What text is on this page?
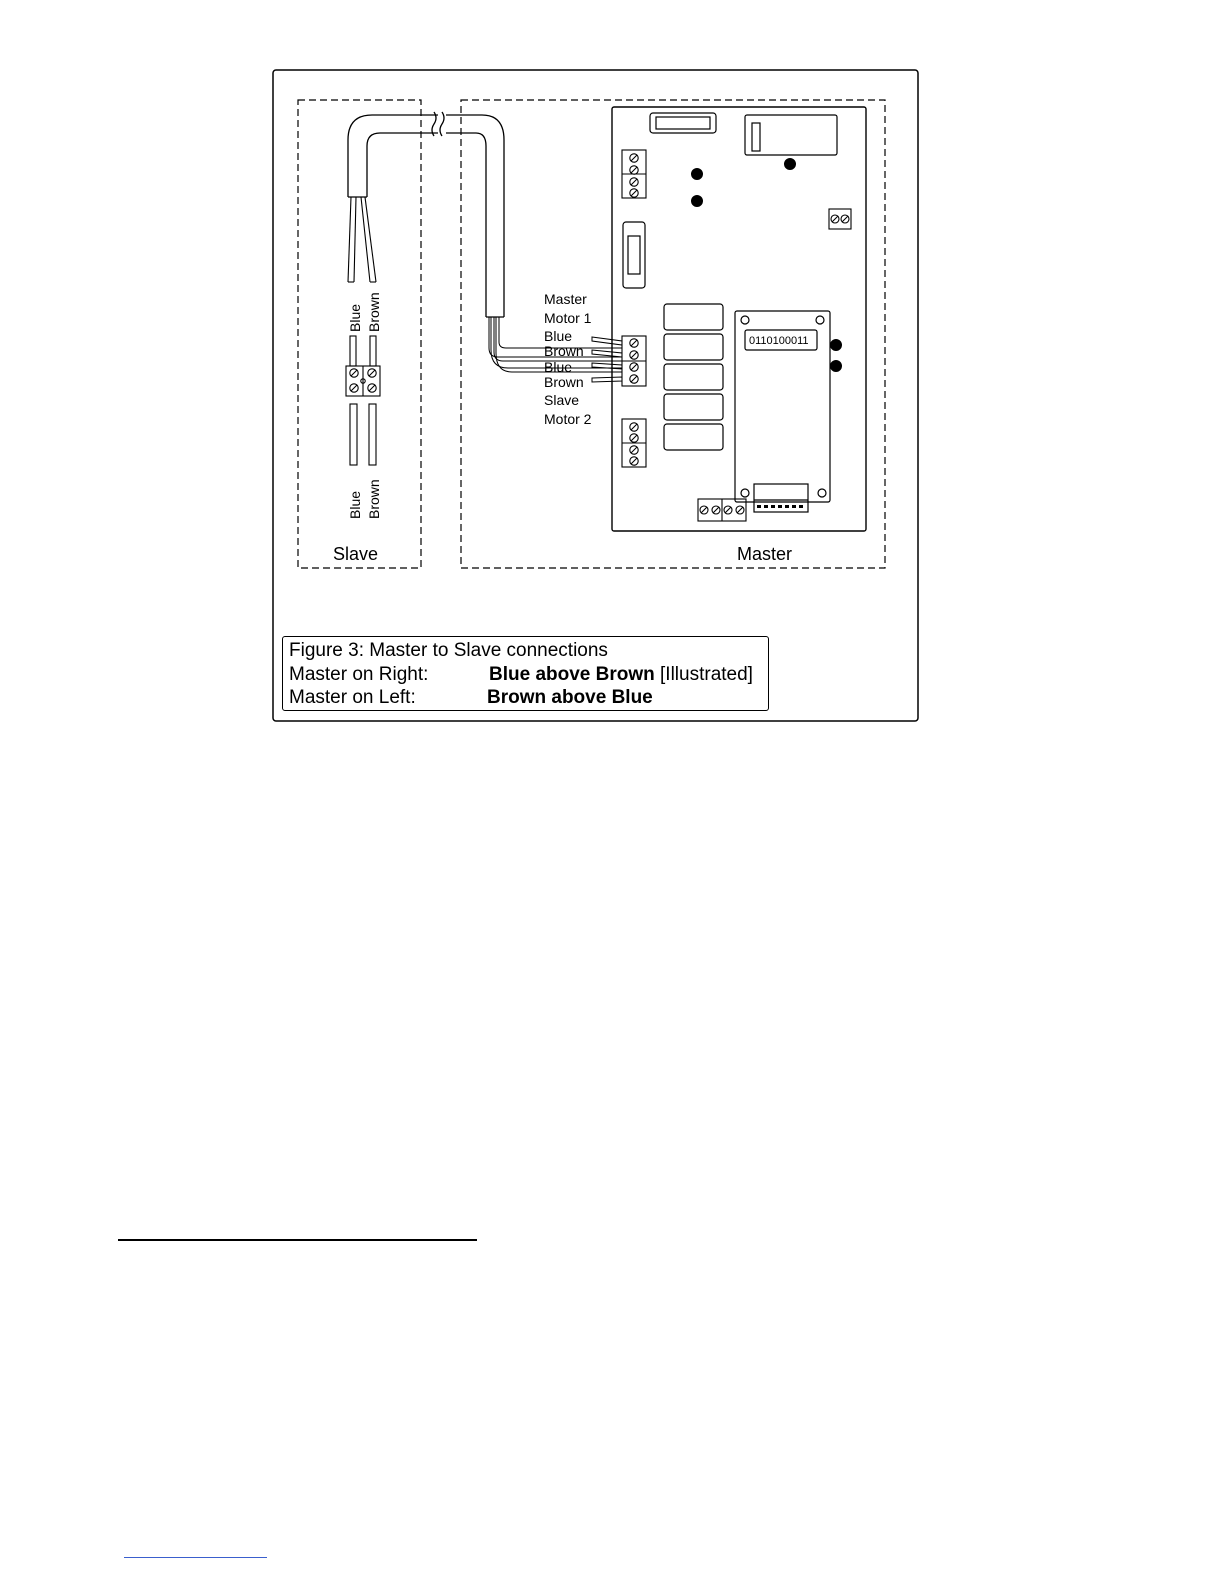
Blue Brown
Blue Brown
Slave
Master
Motor 1
Blue
Brown
Blue
Brown
Slave
Motor 2
0110100011
Master
Figure 3: Master to Slave connections
Master on Right:	Blue above Brown [Illustrated]
Master on Left:	Brown above Blue
